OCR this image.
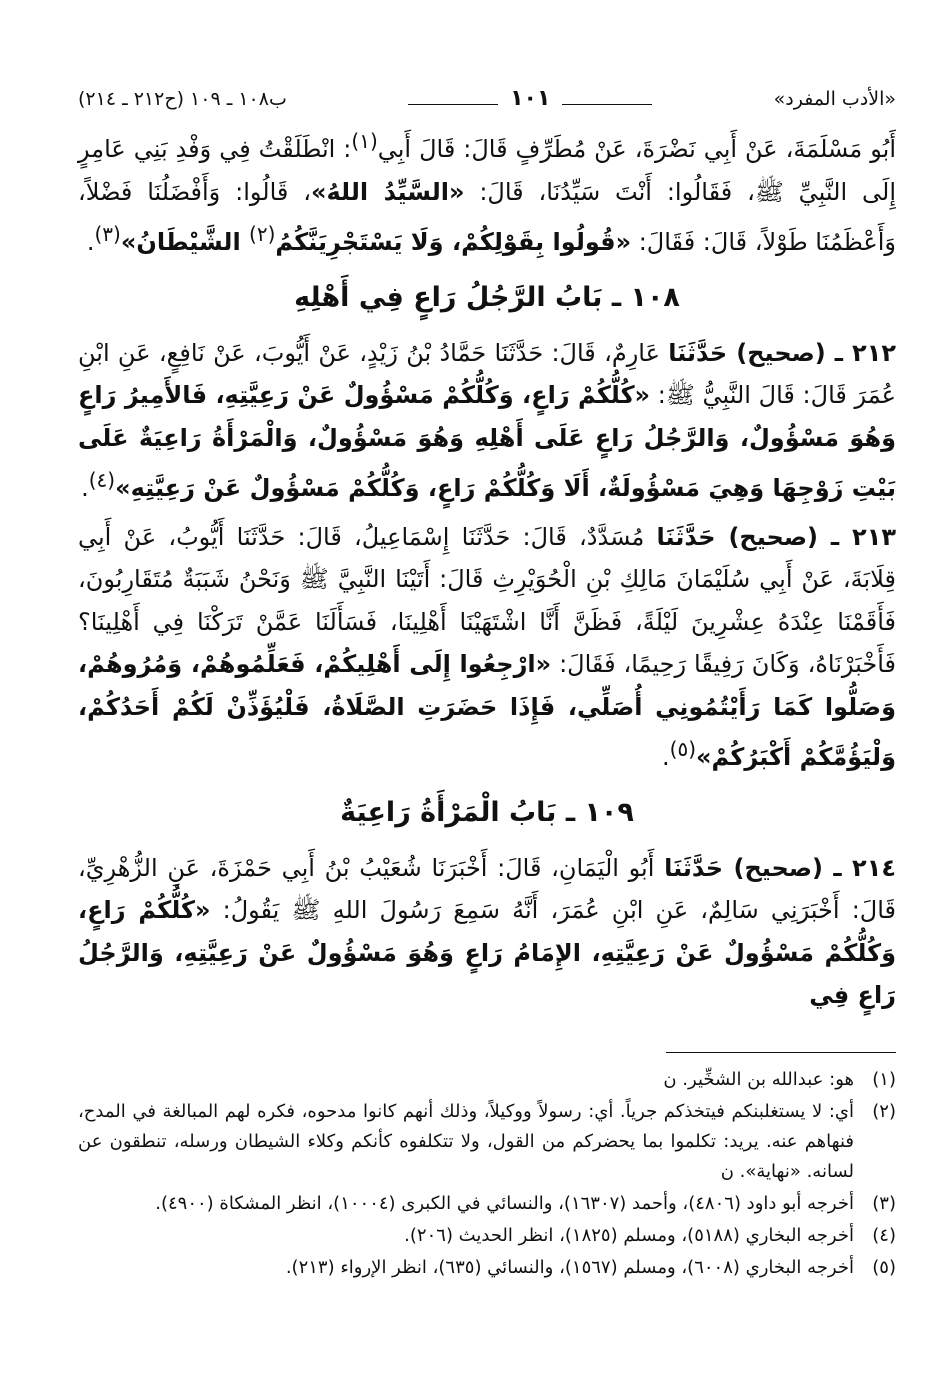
«الأدب المفرد»
١٠١
ب١٠٨ ـ ١٠٩ (ح٢١٢ ـ ٢١٤)

أَبُو مَسْلَمَةَ، عَنْ أَبِي نَضْرَةَ، عَنْ مُطَرِّفٍ قَالَ: قَالَ أَبِي$^{(١)}$: انْطَلَقْتُ فِي وَفْدِ بَنِي عَامِرٍ إِلَى النَّبِيِّ ﷺ، فَقَالُوا: أَنْتَ سَيِّدُنَا، قَالَ: «السَّيِّدُ اللهُ»، قَالُوا: وَأَفْضَلُنَا فَضْلاً، وَأَعْظَمُنَا طَوْلاً، قَالَ: فَقَالَ: «قُولُوا بِقَوْلِكُمْ، وَلَا يَسْتَجْرِيَنَّكُمُ$^{(٢)}$ الشَّيْطَانُ»$^{(٣)}$.

١٠٨ ـ بَابُ الرَّجُلُ رَاعٍ فِي أَهْلِهِ

٢١٢ ـ (صحيح) حَدَّثَنَا عَارِمٌ، قَالَ: حَدَّثَنَا حَمَّادُ بْنُ زَيْدٍ، عَنْ أَيُّوبَ، عَنْ نَافِعٍ، عَنِ ابْنِ عُمَرَ قَالَ: قَالَ النَّبِيُّ ﷺ: «كُلُّكُمْ رَاعٍ، وَكُلُّكُمْ مَسْؤُولٌ عَنْ رَعِيَّتِهِ، فَالأَمِيرُ رَاعٍ وَهُوَ مَسْؤُولٌ، وَالرَّجُلُ رَاعٍ عَلَى أَهْلِهِ وَهُوَ مَسْؤُولٌ، وَالْمَرْأَةُ رَاعِيَةٌ عَلَى بَيْتِ زَوْجِهَا وَهِيَ مَسْؤُولَةٌ، أَلَا وَكُلُّكُمْ رَاعٍ، وَكُلُّكُمْ مَسْؤُولٌ عَنْ رَعِيَّتِهِ»$^{(٤)}$.

٢١٣ ـ (صحيح) حَدَّثَنَا مُسَدَّدٌ، قَالَ: حَدَّثَنَا إِسْمَاعِيلُ، قَالَ: حَدَّثَنَا أَيُّوبُ، عَنْ أَبِي قِلَابَةَ، عَنْ أَبِي سُلَيْمَانَ مَالِكِ بْنِ الْحُوَيْرِثِ قَالَ: أَتَيْنَا النَّبِيَّ ﷺ وَنَحْنُ شَبَبَةٌ مُتَقَارِبُونَ، فَأَقَمْنَا عِنْدَهُ عِشْرِينَ لَيْلَةً، فَظَنَّ أَنَّا اشْتَهَيْنَا أَهْلِينَا، فَسَأَلَنَا عَمَّنْ تَرَكْنَا فِي أَهْلِينَا؟ فَأَخْبَرْنَاهُ، وَكَانَ رَفِيقًا رَحِيمًا، فَقَالَ: «ارْجِعُوا إِلَى أَهْلِيكُمْ، فَعَلِّمُوهُمْ، وَمُرُوهُمْ، وَصَلُّوا كَمَا رَأَيْتُمُونِي أُصَلِّي، فَإِذَا حَضَرَتِ الصَّلَاةُ، فَلْيُؤَذِّنْ لَكُمْ أَحَدُكُمْ، وَلْيَؤُمَّكُمْ أَكْبَرُكُمْ»$^{(٥)}$.

١٠٩ ـ بَابُ الْمَرْأَةُ رَاعِيَةٌ

٢١٤ ـ (صحيح) حَدَّثَنَا أَبُو الْيَمَانِ، قَالَ: أَخْبَرَنَا شُعَيْبُ بْنُ أَبِي حَمْزَةَ، عَنِ الزُّهْرِيِّ، قَالَ: أَخْبَرَنِي سَالِمٌ، عَنِ ابْنِ عُمَرَ، أَنَّهُ سَمِعَ رَسُولَ اللهِ ﷺ يَقُولُ: «كُلُّكُمْ رَاعٍ، وَكُلُّكُمْ مَسْؤُولٌ عَنْ رَعِيَّتِهِ، الإِمَامُ رَاعٍ وَهُوَ مَسْؤُولٌ عَنْ رَعِيَّتِهِ، وَالرَّجُلُ رَاعٍ فِي

(١)
هو: عبدالله بن الشخِّير. ن
(٢)
أي: لا يستغلبنكم فيتخذكم جرياً. أي: رسولاً ووكيلاً، وذلك أنهم كانوا مدحوه، فكره لهم المبالغة في المدح، فنهاهم عنه. يريد: تكلموا بما يحضركم من القول، ولا تتكلفوه كأنكم وكلاء الشيطان ورسله، تنطقون عن لسانه. «نهاية». ن
(٣)
أخرجه أبو داود (٤٨٠٦)، وأحمد (١٦٣٠٧)، والنسائي في الكبرى (١٠٠٠٤)، انظر المشكاة (٤٩٠٠).
(٤)
أخرجه البخاري (٥١٨٨)، ومسلم (١٨٢٥)، انظر الحديث (٢٠٦).
(٥)
أخرجه البخاري (٦٠٠٨)، ومسلم (١٥٦٧)، والنسائي (٦٣٥)، انظر الإرواء (٢١٣).
